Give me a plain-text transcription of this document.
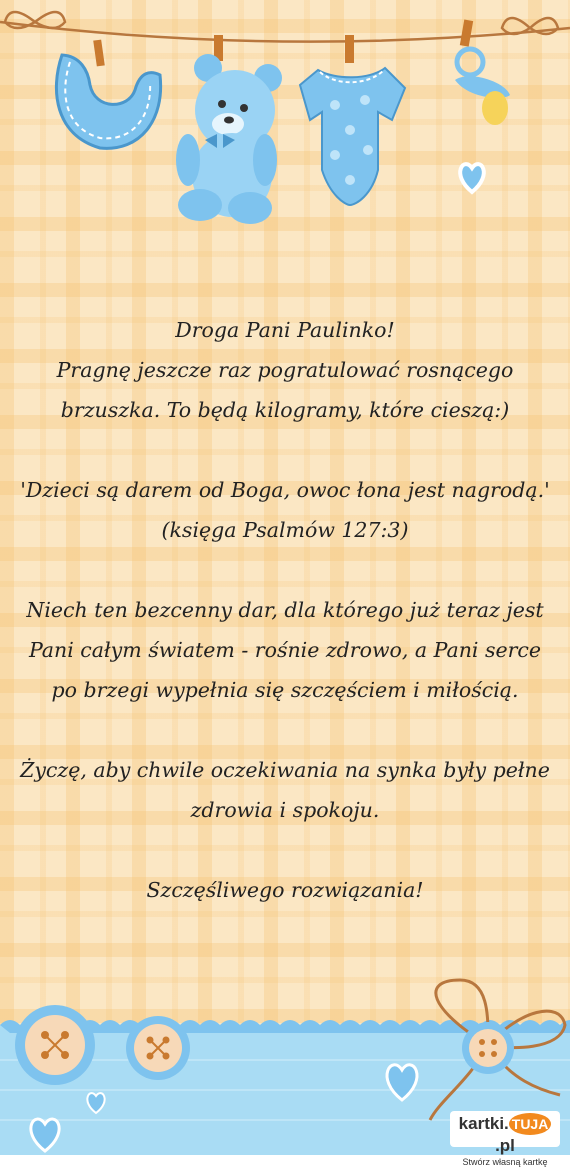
Droga Pani Paulinko!
Pragnę jeszcze raz pogratulować rosnącego brzuszka. To będą kilogramy, które cieszą:)

'Dzieci są darem od Boga, owoc łona jest nagrodą.' (księga Psalmów 127:3)

Niech ten bezcenny dar, dla którego już teraz jest Pani całym światem - rośnie zdrowo, a Pani serce po brzegi wypełnia się szczęściem i miłością.

Życzę, aby chwile oczekiwania na synka były pełne zdrowia i spokoju.

Szczęśliwego rozwiązania!

kartki. TUJA.pl
Stwórz własną kartkę
